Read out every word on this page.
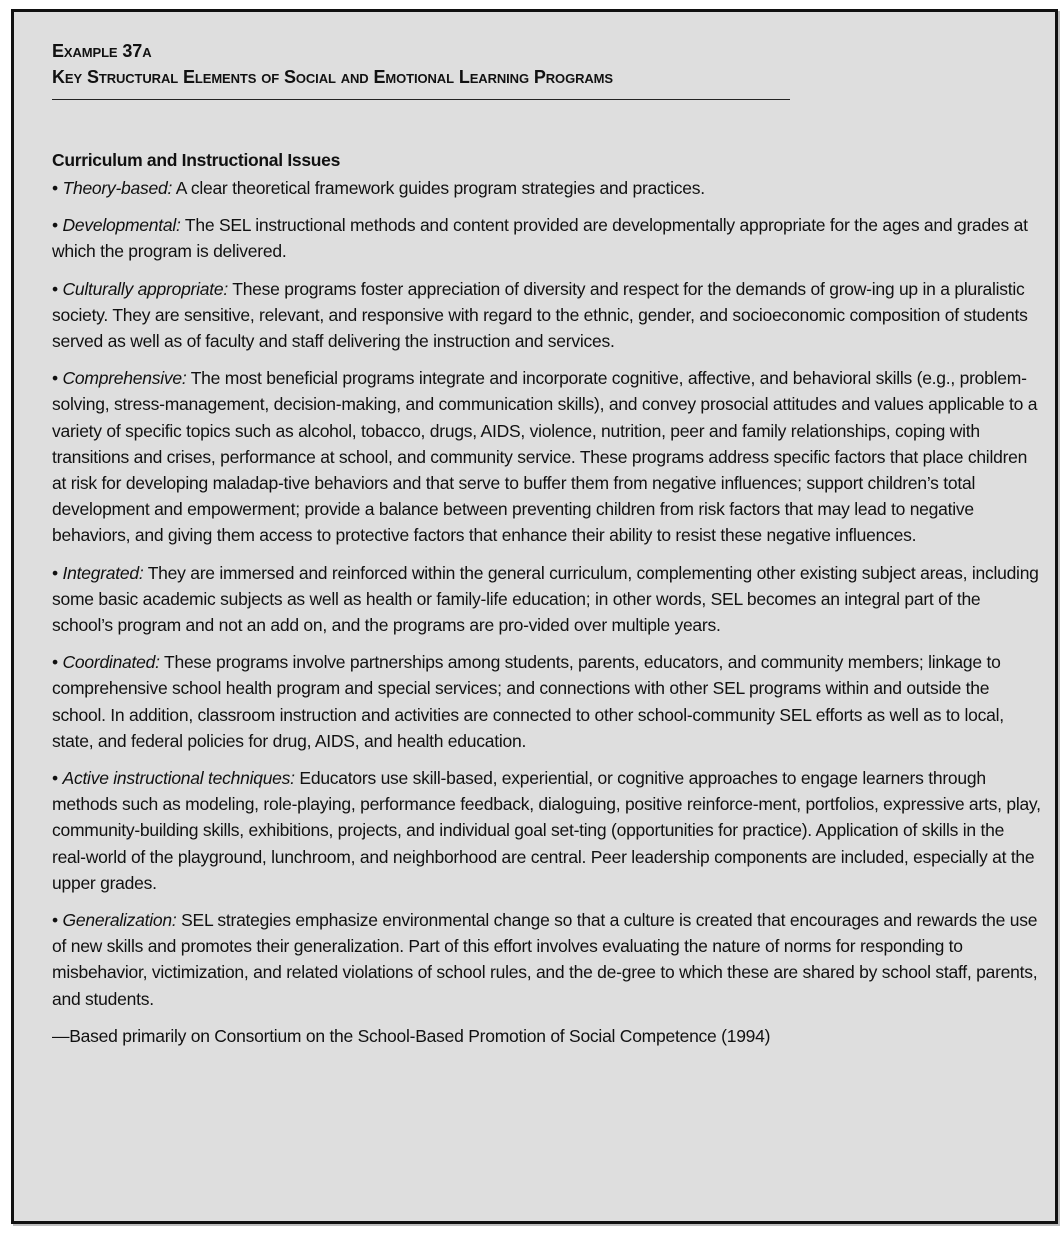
Example 37a
Key Structural Elements of Social and Emotional Learning Programs
Curriculum and Instructional Issues

• Theory-based: A clear theoretical framework guides program strategies and practices.

• Developmental: The SEL instructional methods and content provided are developmentally appropriate for the ages and grades at which the program is delivered.

• Culturally appropriate: These programs foster appreciation of diversity and respect for the demands of grow-ing up in a pluralistic society. They are sensitive, relevant, and responsive with regard to the ethnic, gender, and socioeconomic composition of students served as well as of faculty and staff delivering the instruction and services.

• Comprehensive: The most beneficial programs integrate and incorporate cognitive, affective, and behavioral skills (e.g., problem-solving, stress-management, decision-making, and communication skills), and convey prosocial attitudes and values applicable to a variety of specific topics such as alcohol, tobacco, drugs, AIDS, violence, nutrition, peer and family relationships, coping with transitions and crises, performance at school, and community service. These programs address specific factors that place children at risk for developing maladap-tive behaviors and that serve to buffer them from negative influences; support children’s total development and empowerment; provide a balance between preventing children from risk factors that may lead to negative behaviors, and giving them access to protective factors that enhance their ability to resist these negative influences.

• Integrated: They are immersed and reinforced within the general curriculum, complementing other existing subject areas, including some basic academic subjects as well as health or family-life education; in other words, SEL becomes an integral part of the school’s program and not an add on, and the programs are pro-vided over multiple years.

• Coordinated: These programs involve partnerships among students, parents, educators, and community members; linkage to comprehensive school health program and special services; and connections with other SEL programs within and outside the school. In addition, classroom instruction and activities are connected to other school-community SEL efforts as well as to local, state, and federal policies for drug, AIDS, and health education.

• Active instructional techniques: Educators use skill-based, experiential, or cognitive approaches to engage learners through methods such as modeling, role-playing, performance feedback, dialoguing, positive reinforce-ment, portfolios, expressive arts, play, community-building skills, exhibitions, projects, and individual goal set-ting (opportunities for practice). Application of skills in the real-world of the playground, lunchroom, and neighborhood are central. Peer leadership components are included, especially at the upper grades.

• Generalization: SEL strategies emphasize environmental change so that a culture is created that encourages and rewards the use of new skills and promotes their generalization. Part of this effort involves evaluating the nature of norms for responding to misbehavior, victimization, and related violations of school rules, and the de-gree to which these are shared by school staff, parents, and students.

—Based primarily on Consortium on the School-Based Promotion of Social Competence (1994)
